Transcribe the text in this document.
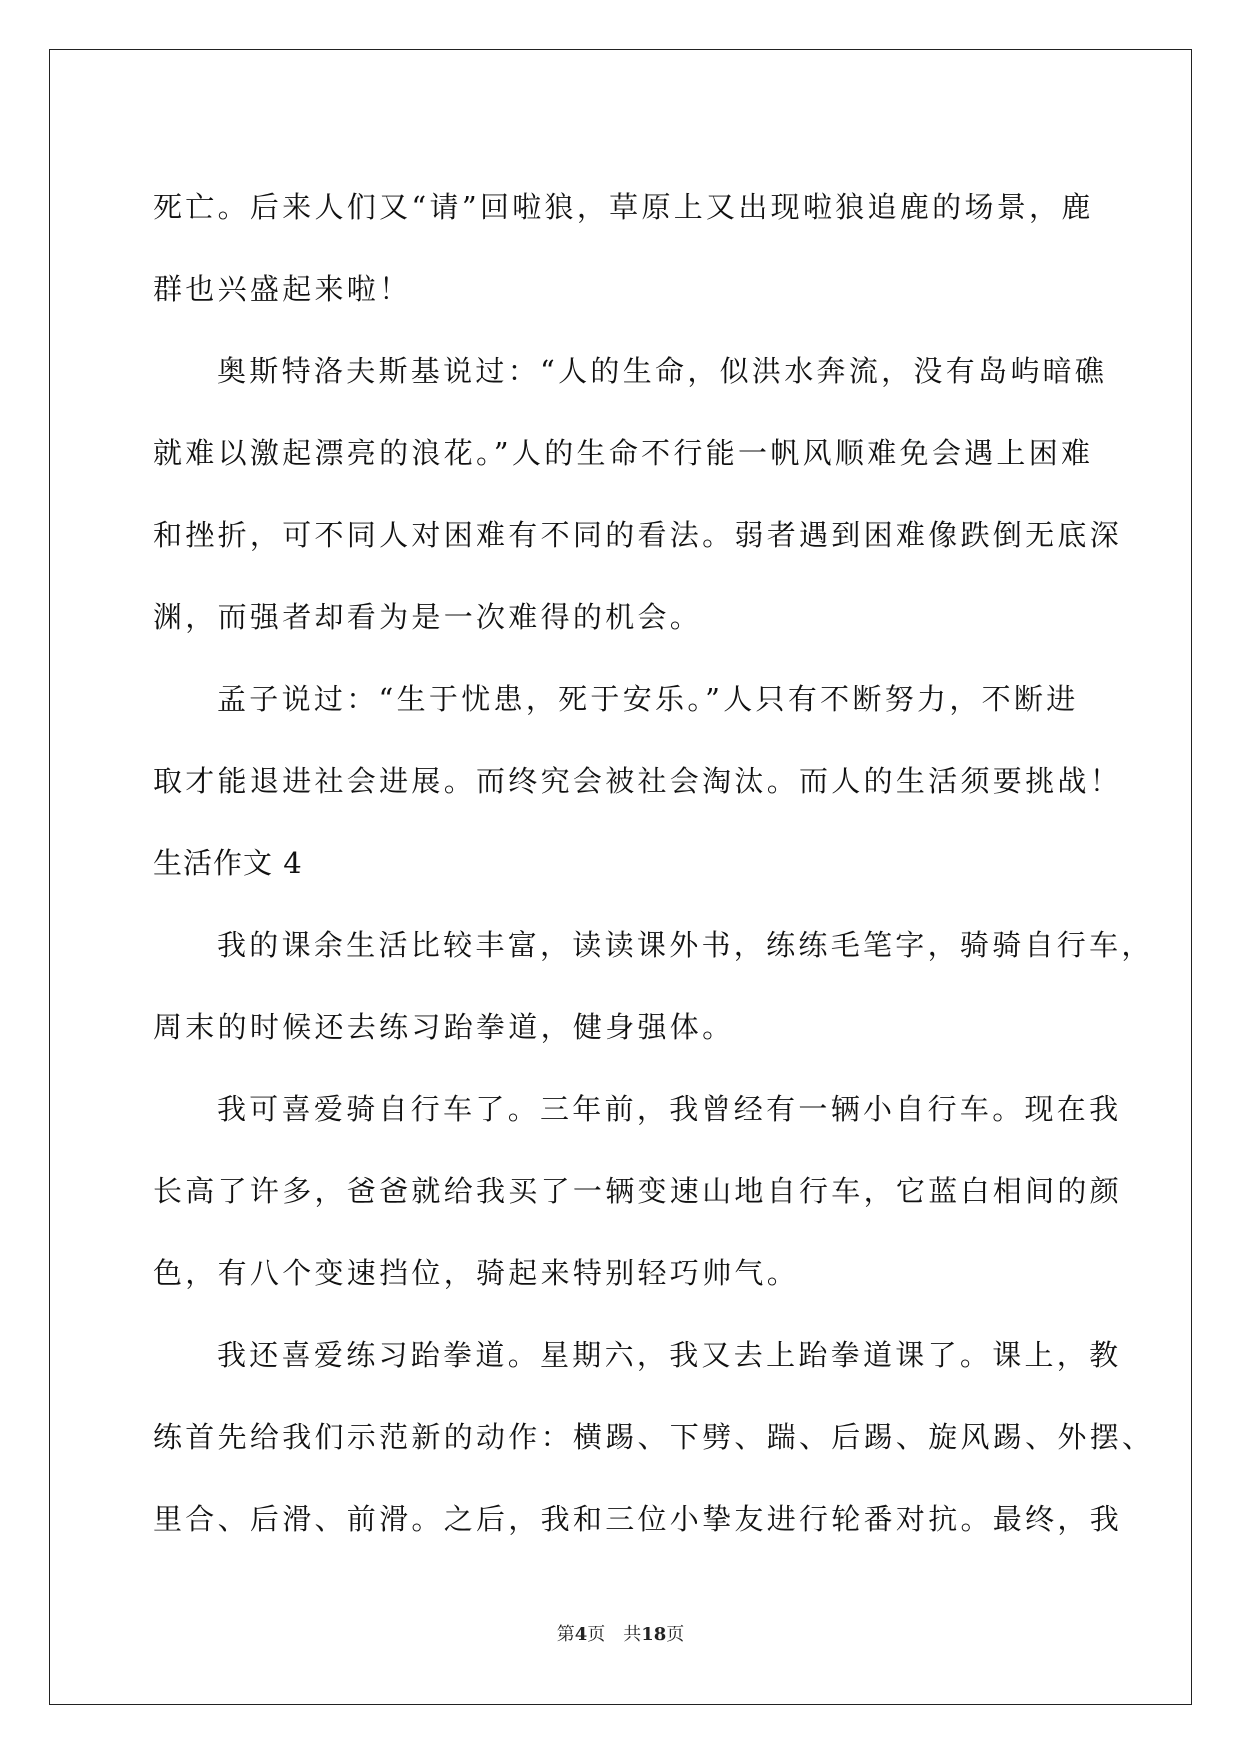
死亡。后来人们又“请”回啦狼，草原上又出现啦狼追鹿的场景，鹿
群也兴盛起来啦！
奥斯特洛夫斯基说过：“人的生命，似洪水奔流，没有岛屿暗礁
就难以激起漂亮的浪花。”人的生命不行能一帆风顺难免会遇上困难
和挫折，可不同人对困难有不同的看法。弱者遇到困难像跌倒无底深
渊，而强者却看为是一次难得的机会。
孟子说过：“生于忧患，死于安乐。”人只有不断努力，不断进
取才能退进社会进展。而终究会被社会淘汰。而人的生活须要挑战！
生活作文 4
我的课余生活比较丰富，读读课外书，练练毛笔字，骑骑自行车，
周末的时候还去练习跆拳道，健身强体。
我可喜爱骑自行车了。三年前，我曾经有一辆小自行车。现在我
长高了许多，爸爸就给我买了一辆变速山地自行车，它蓝白相间的颜
色，有八个变速挡位，骑起来特别轻巧帅气。
我还喜爱练习跆拳道。星期六，我又去上跆拳道课了。课上，教
练首先给我们示范新的动作：横踢、下劈、踹、后踢、旋风踢、外摆、
里合、后滑、前滑。之后，我和三位小挚友进行轮番对抗。最终，我
第4页 共18页
